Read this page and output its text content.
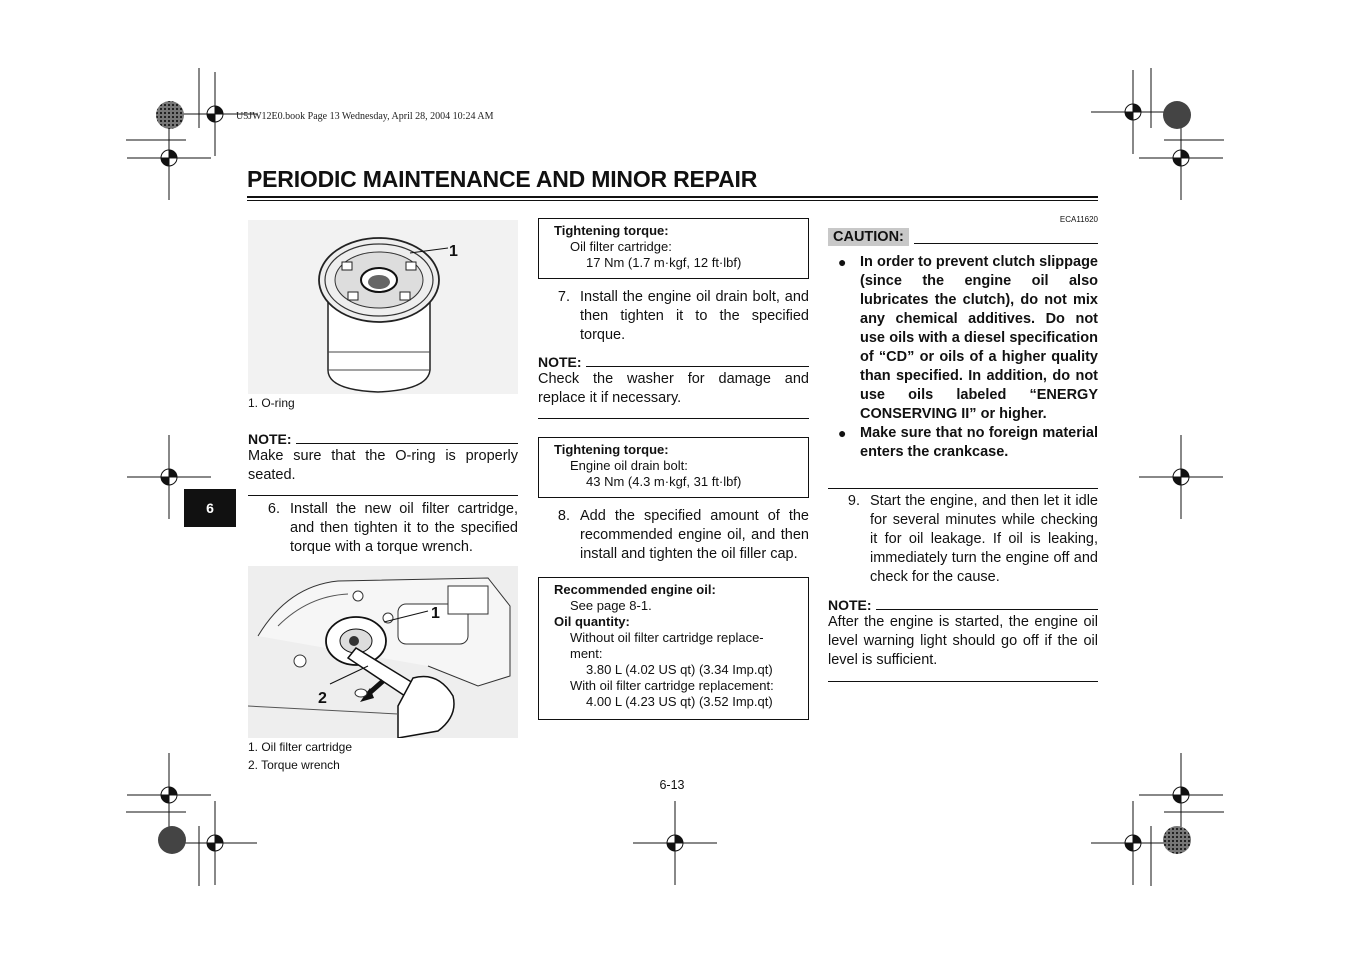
U5JW12E0.book Page 13 Wednesday, April 28, 2004 10:24 AM
PERIODIC MAINTENANCE AND MINOR REPAIR
6
1
1. O-ring
NOTE:
Make sure that the O-ring is properly seated.
6. Install the new oil filter cartridge, and then tighten it to the specified torque with a torque wrench.
1
2
1. Oil filter cartridge
2. Torque wrench
Tightening torque:
Oil filter cartridge:
17 Nm (1.7 m·kgf, 12 ft·lbf)
7. Install the engine oil drain bolt, and then tighten it to the specified torque.
NOTE:
Check the washer for damage and replace it if necessary.
Tightening torque:
Engine oil drain bolt:
43 Nm (4.3 m·kgf, 31 ft·lbf)
8. Add the specified amount of the recommended engine oil, and then install and tighten the oil filler cap.
Recommended engine oil:
See page 8-1.
Oil quantity:
Without oil filter cartridge replace-
ment:
3.80 L (4.02 US qt) (3.34 Imp.qt)
With oil filter cartridge replacement:
4.00 L (4.23 US qt) (3.52 Imp.qt)
6-13
ECA11620
CAUTION:
● In order to prevent clutch slippage (since the engine oil also lubricates the clutch), do not mix any chemical additives. Do not use oils with a diesel specification of “CD” or oils of a higher quality than specified. In addition, do not use oils labeled “ENERGY CONSERVING II” or higher.
● Make sure that no foreign material enters the crankcase.
9. Start the engine, and then let it idle for several minutes while checking it for oil leakage. If oil is leaking, immediately turn the engine off and check for the cause.
NOTE:
After the engine is started, the engine oil level warning light should go off if the oil level is sufficient.
